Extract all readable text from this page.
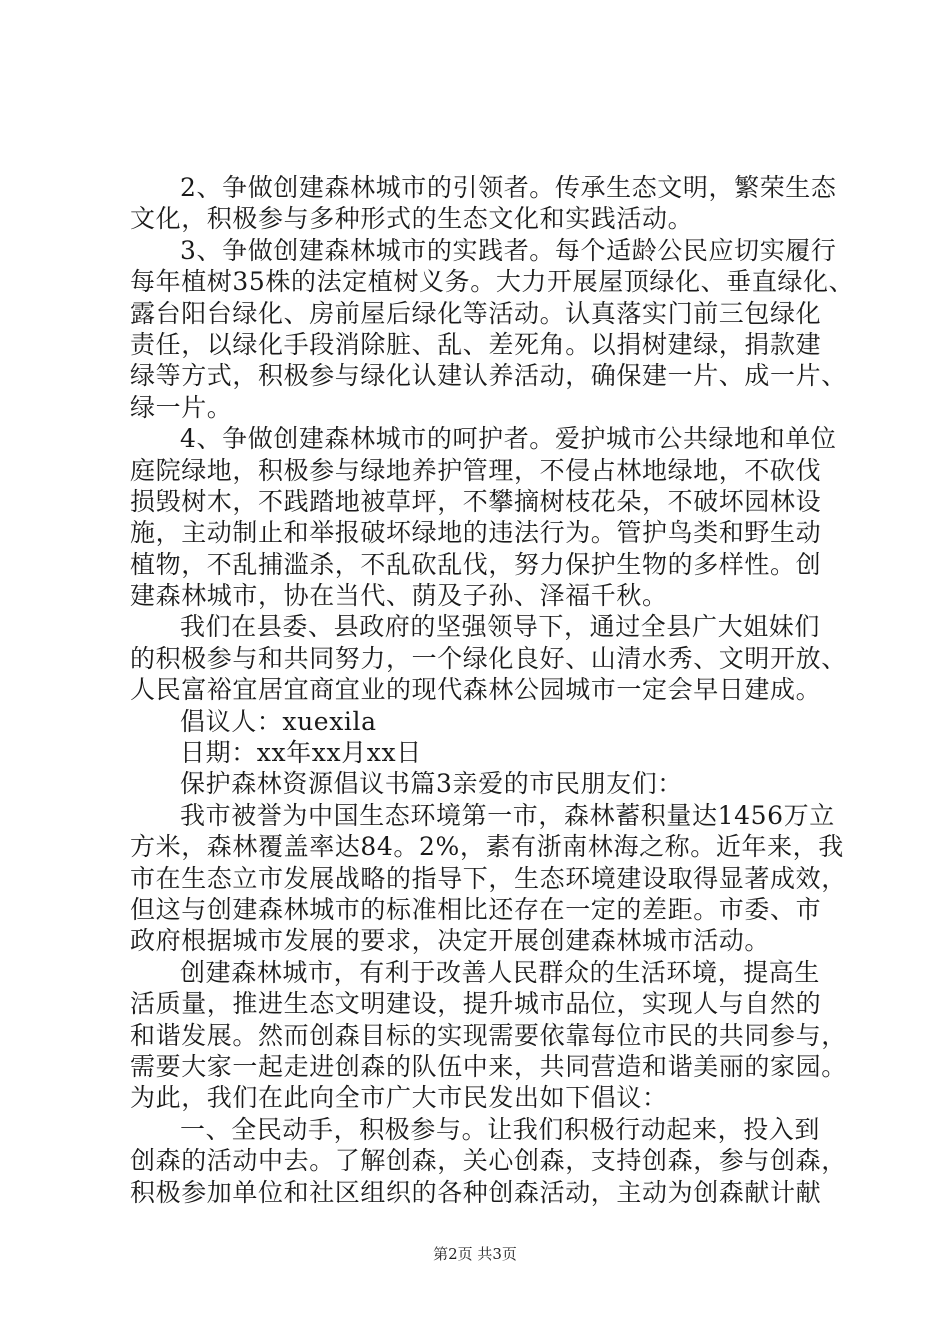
2、争做创建森林城市的引领者。传承生态文明，繁荣生态
文化，积极参与多种形式的生态文化和实践活动。
3、争做创建森林城市的实践者。每个适龄公民应切实履行
每年植树35株的法定植树义务。大力开展屋顶绿化、垂直绿化、
露台阳台绿化、房前屋后绿化等活动。认真落实门前三包绿化
责任，以绿化手段消除脏、乱、差死角。以捐树建绿，捐款建
绿等方式，积极参与绿化认建认养活动，确保建一片、成一片、
绿一片。
4、争做创建森林城市的呵护者。爱护城市公共绿地和单位
庭院绿地，积极参与绿地养护管理，不侵占林地绿地，不砍伐
损毁树木，不践踏地被草坪，不攀摘树枝花朵，不破坏园林设
施，主动制止和举报破坏绿地的违法行为。管护鸟类和野生动
植物，不乱捕滥杀，不乱砍乱伐，努力保护生物的多样性。创
建森林城市，协在当代、荫及子孙、泽福千秋。
我们在县委、县政府的坚强领导下，通过全县广大姐妹们
的积极参与和共同努力，一个绿化良好、山清水秀、文明开放、
人民富裕宜居宜商宜业的现代森林公园城市一定会早日建成。
倡议人：xuexila
日期：xx年xx月xx日
保护森林资源倡议书篇3亲爱的市民朋友们：
我市被誉为中国生态环境第一市，森林蓄积量达1456万立
方米，森林覆盖率达84。2%，素有浙南林海之称。近年来，我
市在生态立市发展战略的指导下，生态环境建设取得显著成效，
但这与创建森林城市的标准相比还存在一定的差距。市委、市
政府根据城市发展的要求，决定开展创建森林城市活动。
创建森林城市，有利于改善人民群众的生活环境，提高生
活质量，推进生态文明建设，提升城市品位，实现人与自然的
和谐发展。然而创森目标的实现需要依靠每位市民的共同参与，
需要大家一起走进创森的队伍中来，共同营造和谐美丽的家园。
为此，我们在此向全市广大市民发出如下倡议：
一、全民动手，积极参与。让我们积极行动起来，投入到
创森的活动中去。了解创森，关心创森，支持创森，参与创森，
积极参加单位和社区组织的各种创森活动，主动为创森献计献
第2页 共3页
